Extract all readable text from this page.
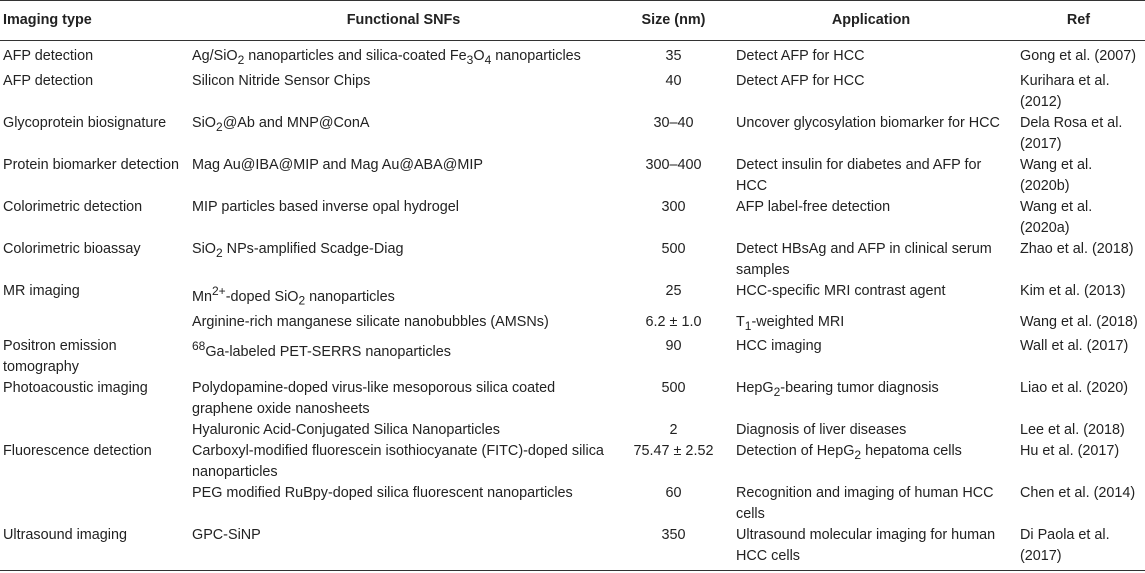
Imaging type	Functional SNFs	Size (nm)	Application	Ref
AFP detection	Ag/SiO$_2$ nanoparticles and silica-coated $Fe_3O_4$ nanoparticles	35	Detect AFP for HCC	Gong et al. (2007)
AFP detection	Silicon Nitride Sensor Chips	40	Detect AFP for HCC	Kurihara et al. (2012)
Glycoprotein biosignature	SiO$_2$@Ab and MNP@ConA	30–40	Uncover glycosylation biomarker for HCC	Dela Rosa et al. (2017)
Protein biomarker detection	Mag Au@IBA@MIP and Mag Au@ABA@MIP	300–400	Detect insulin for diabetes and AFP for HCC	Wang et al. (2020b)
Colorimetric detection	MIP particles based inverse opal hydrogel	300	AFP label-free detection	Wang et al. (2020a)
Colorimetric bioassay	SiO$_2$ NPs-amplified Scadge-Diag	500	Detect HBsAg and AFP in clinical serum samples	Zhao et al. (2018)
MR imaging	$Mn^{2+}$-doped SiO$_2$ nanoparticles	25	HCC-specific MRI contrast agent	Kim et al. (2013)
	Arginine-rich manganese silicate nanobubbles (AMSNs)	6.2 ± 1.0	$T_1$-weighted MRI	Wang et al. (2018)
Positron emission tomography	$^{68}$Ga-labeled PET-SERRS nanoparticles	90	HCC imaging	Wall et al. (2017)
Photoacoustic imaging	Polydopamine-doped virus-like mesoporous silica coated graphene oxide nanosheets	500	HepG$_2$-bearing tumor diagnosis	Liao et al. (2020)
	Hyaluronic Acid-Conjugated Silica Nanoparticles	2	Diagnosis of liver diseases	Lee et al. (2018)
Fluorescence detection	Carboxyl-modified fluorescein isothiocyanate (FITC)-doped silica nanoparticles	75.47 ± 2.52	Detection of HepG$_2$ hepatoma cells	Hu et al. (2017)
	PEG modified RuBpy-doped silica fluorescent nanoparticles	60	Recognition and imaging of human HCC cells	Chen et al. (2014)
Ultrasound imaging	GPC-SiNP	350	Ultrasound molecular imaging for human HCC cells	Di Paola et al. (2017)
